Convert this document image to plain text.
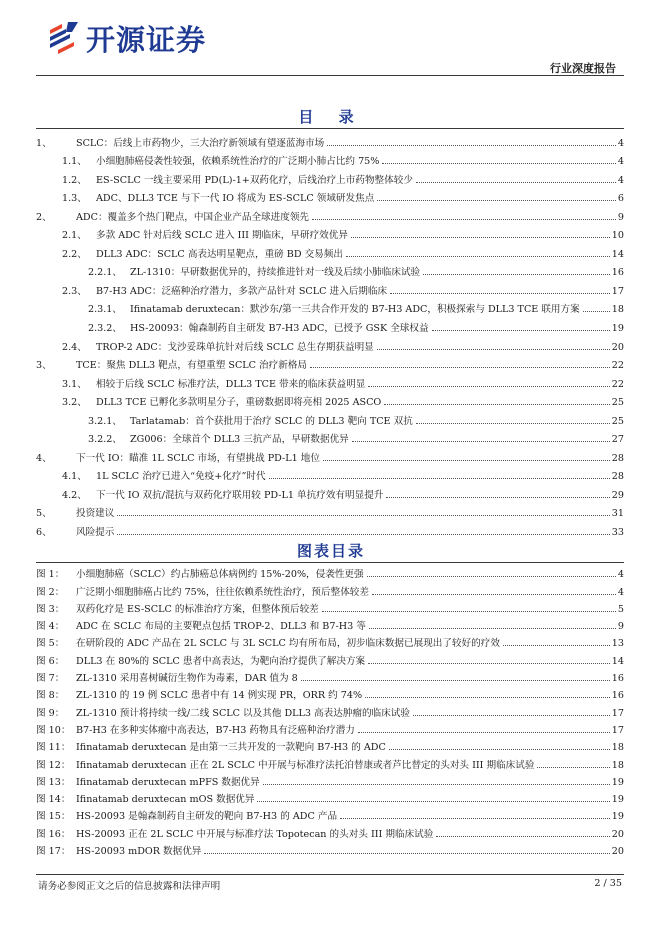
开源证券
行业深度报告
目 录
1、	SCLC：后线上市药物少，三大治疗新领域有望逐蓝海市场	4
1.1、 小细胞肺癌侵袭性较强，依赖系统性治疗的广泛期小肺占比约 75%	4
1.2、 ES-SCLC 一线主要采用 PD(L)-1+双药化疗，后线治疗上市药物整体较少	4
1.3、 ADC、DLL3 TCE 与下一代 IO 将成为 ES-SCLC 领域研发焦点	6
2、	ADC：覆盖多个热门靶点，中国企业产品全球进度领先	9
2.1、 多款 ADC 针对后线 SCLC 进入 III 期临床，早研疗效优异	10
2.2、 DLL3 ADC：SCLC 高表达明星靶点，重磅 BD 交易频出	14
2.2.1、 ZL-1310：早研数据优异的，持续推进针对一线及后续小肺临床试验	16
2.3、 B7-H3 ADC：泛癌种治疗潜力，多款产品针对 SCLC 进入后期临床	17
2.3.1、 Ifinatamab deruxtecan：默沙东/第一三共合作开发的 B7-H3 ADC，积极探索与 DLL3 TCE 联用方案	18
2.3.2、 HS-20093：翰森制药自主研发 B7-H3 ADC，已授予 GSK 全球权益	19
2.4、 TROP-2 ADC：戈沙妥珠单抗针对后线 SCLC 总生存期获益明显	20
3、	TCE：聚焦 DLL3 靶点，有望重塑 SCLC 治疗新格局	22
3.1、 相较于后线 SCLC 标准疗法，DLL3 TCE 带来的临床获益明显	22
3.2、 DLL3 TCE 已孵化多款明星分子，重磅数据即将亮相 2025 ASCO	25
3.2.1、 Tarlatamab：首个获批用于治疗 SCLC 的 DLL3 靶向 TCE 双抗	25
3.2.2、 ZG006：全球首个 DLL3 三抗产品，早研数据优异	27
4、	下一代 IO：瞄准 1L SCLC 市场，有望挑战 PD-L1 地位	28
4.1、 1L SCLC 治疗已进入“免疫+化疗”时代	28
4.2、 下一代 IO 双抗/混抗与双药化疗联用较 PD-L1 单抗疗效有明显提升	29
5、	投资建议	31
6、	风险提示	33
图表目录
图 1：	小细胞肺癌（SCLC）约占肺癌总体病例约 15%-20%，侵袭性更强	4
图 2：	广泛期小细胞肺癌占比约 75%，往往依赖系统性治疗，预后整体较差	4
图 3：	双药化疗是 ES-SCLC 的标准治疗方案，但整体预后较差	5
图 4：	ADC 在 SCLC 布局的主要靶点包括 TROP-2、DLL3 和 B7-H3 等	9
图 5：	在研阶段的 ADC 产品在 2L SCLC 与 3L SCLC 均有所布局，初步临床数据已展现出了较好的疗效	13
图 6：	DLL3 在 80%的 SCLC 患者中高表达，为靶向治疗提供了解决方案	14
图 7：	ZL-1310 采用喜树碱衍生物作为毒素，DAR 值为 8	16
图 8：	ZL-1310 的 19 例 SCLC 患者中有 14 例实现 PR，ORR 约 74%	16
图 9：	ZL-1310 预计将持续一线/二线 SCLC 以及其他 DLL3 高表达肿瘤的临床试验	17
图 10： B7-H3 在多种实体瘤中高表达，B7-H3 药物具有泛癌种治疗潜力	17
图 11： Ifinatamab deruxtecan 是由第一三共开发的一款靶向 B7-H3 的 ADC	18
图 12： Ifinatamab deruxtecan 正在 2L SCLC 中开展与标准疗法托泊替康或者芦比替定的头对头 III 期临床试验	18
图 13： Ifinatamab deruxtecan mPFS 数据优异	19
图 14： Ifinatamab deruxtecan mOS 数据优异	19
图 15： HS-20093 是翰森制药自主研发的靶向 B7-H3 的 ADC 产品	19
图 16： HS-20093 正在 2L SCLC 中开展与标准疗法 Topotecan 的头对头 III 期临床试验	20
图 17： HS-20093 mDOR 数据优异	20
请务必参阅正文之后的信息披露和法律声明	2 / 35
